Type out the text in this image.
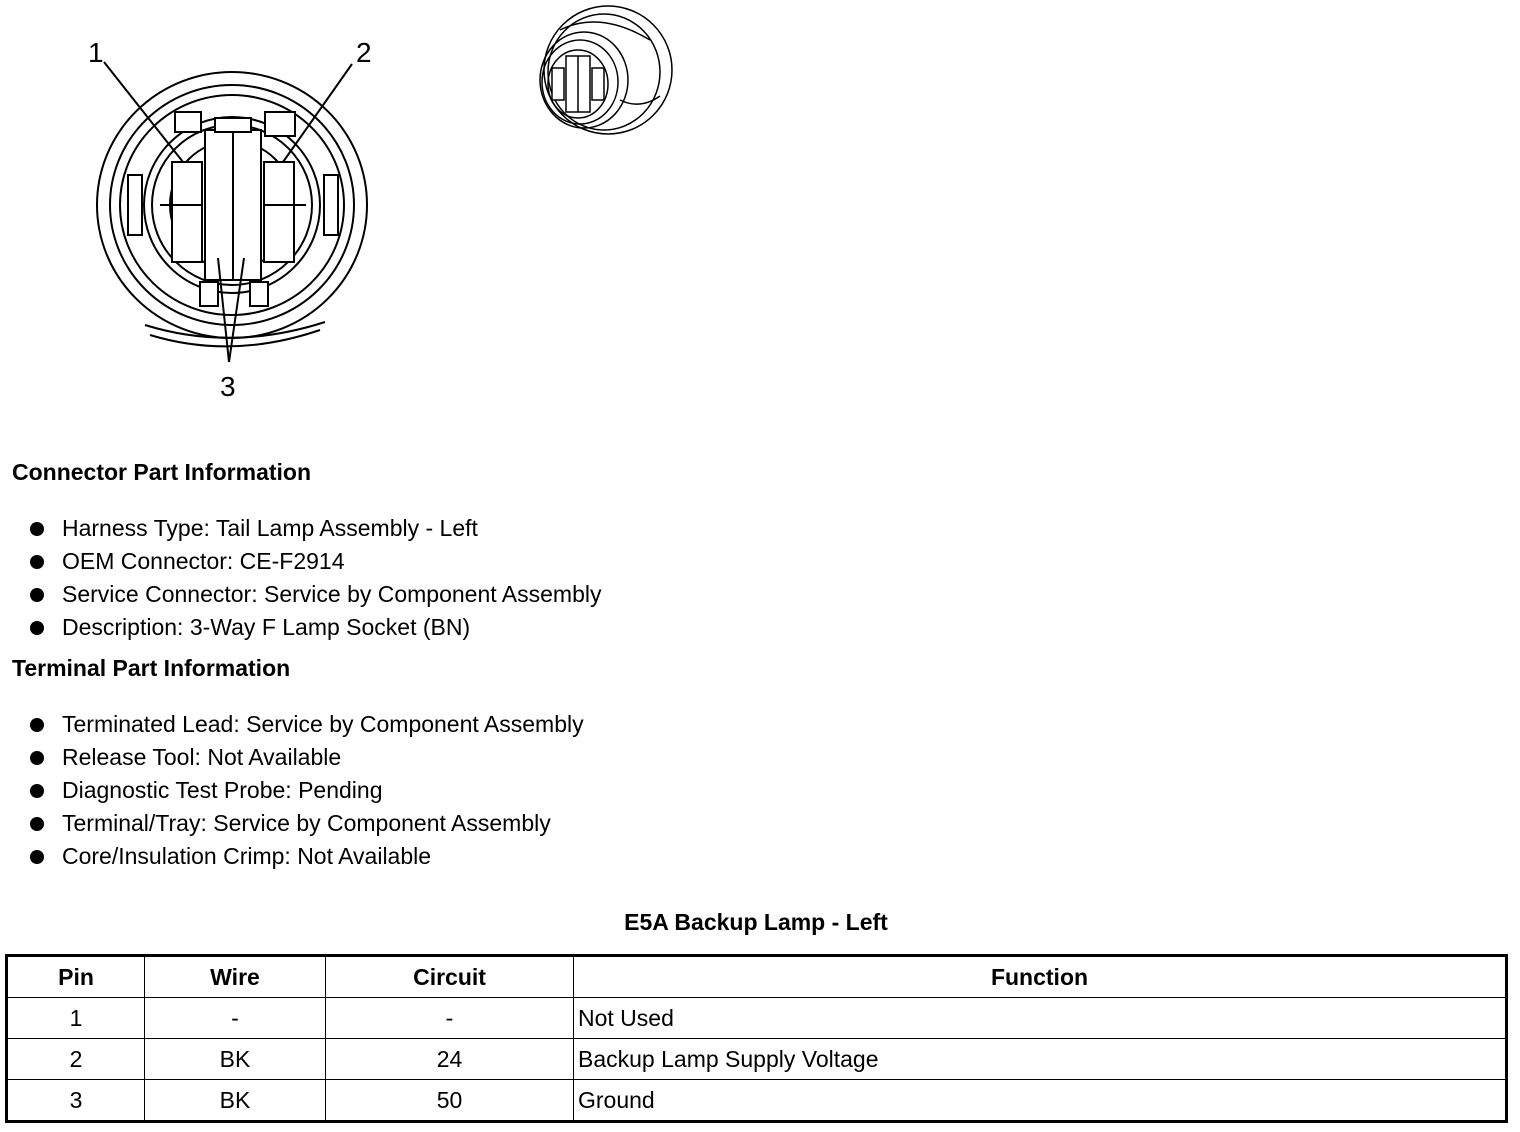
1	2
3
Connector Part Information
Harness Type: Tail Lamp Assembly - Left
OEM Connector: CE-F2914
Service Connector: Service by Component Assembly
Description: 3-Way F Lamp Socket (BN)
Terminal Part Information
Terminated Lead: Service by Component Assembly
Release Tool: Not Available
Diagnostic Test Probe: Pending
Terminal/Tray: Service by Component Assembly
Core/Insulation Crimp: Not Available
E5A Backup Lamp - Left
Pin	Wire	Circuit	Function
1	-	-	Not Used
2	BK	24	Backup Lamp Supply Voltage
3	BK	50	Ground
